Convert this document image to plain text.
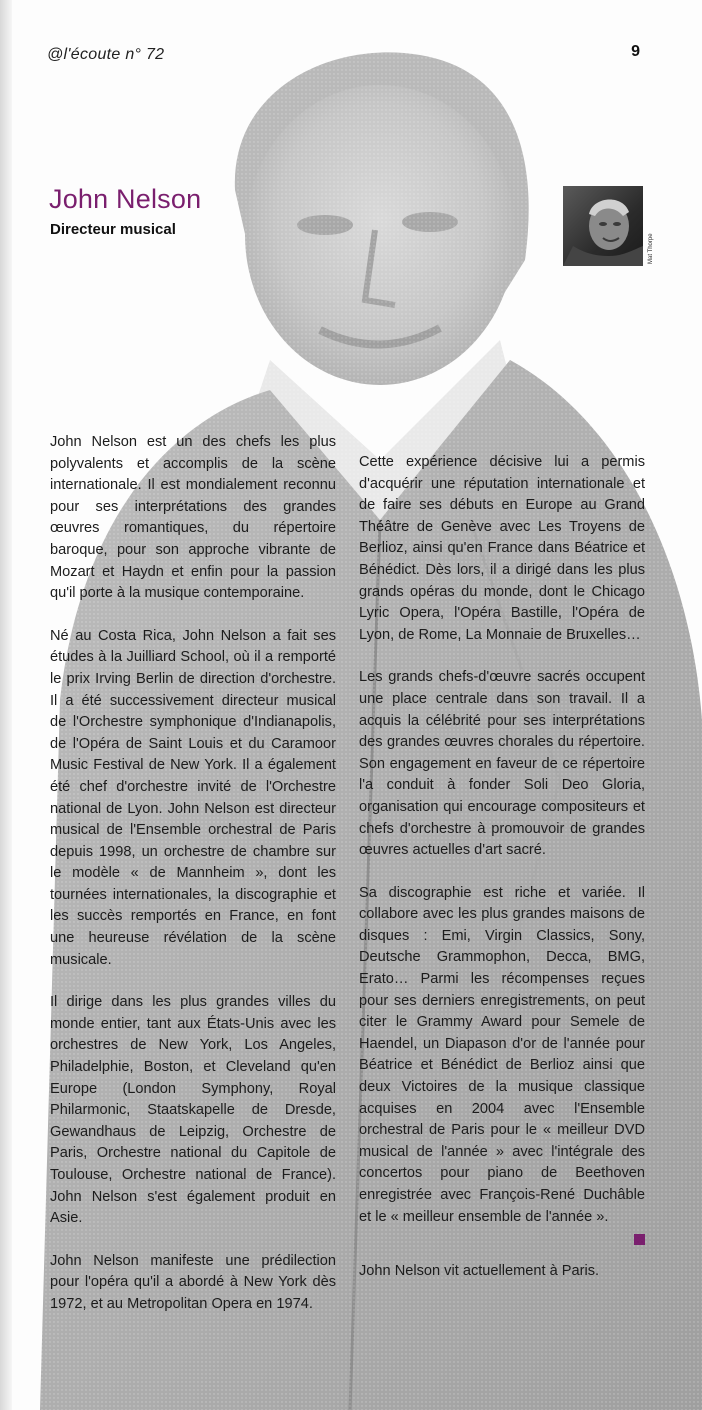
@l'écoute n° 72	9
John Nelson
Directeur musical
Mat Thorpe

John Nelson est un des chefs les plus polyvalents et accomplis de la scène internationale. Il est mondialement reconnu pour ses interprétations des grandes œuvres romantiques, du répertoire baroque, pour son approche vibrante de Mozart et Haydn et enfin pour la passion qu'il porte à la musique contemporaine.

Né au Costa Rica, John Nelson a fait ses études à la Juilliard School, où il a remporté le prix Irving Berlin de direction d'orchestre. Il a été successivement directeur musical de l'Orchestre symphonique d'Indianapolis, de l'Opéra de Saint Louis et du Caramoor Music Festival de New York. Il a également été chef d'orchestre invité de l'Orchestre national de Lyon. John Nelson est directeur musical de l'Ensemble orchestral de Paris depuis 1998, un orchestre de chambre sur le modèle « de Mannheim », dont les tournées internationales, la discographie et les succès remportés en France, en font une heureuse révélation de la scène musicale.

Il dirige dans les plus grandes villes du monde entier, tant aux États-Unis avec les orchestres de New York, Los Angeles, Philadelphie, Boston, et Cleveland qu'en Europe (London Symphony, Royal Philarmonic, Staatskapelle de Dresde, Gewandhaus de Leipzig, Orchestre de Paris, Orchestre national du Capitole de Toulouse, Orchestre national de France). John Nelson s'est également produit en Asie.

John Nelson manifeste une prédilection pour l'opéra qu'il a abordé à New York dès 1972, et au Metropolitan Opera en 1974.

Cette expérience décisive lui a permis d'acquérir une réputation internationale et de faire ses débuts en Europe au Grand Théâtre de Genève avec Les Troyens de Berlioz, ainsi qu'en France dans Béatrice et Bénédict. Dès lors, il a dirigé dans les plus grands opéras du monde, dont le Chicago Lyric Opera, l'Opéra Bastille, l'Opéra de Lyon, de Rome, La Monnaie de Bruxelles…

Les grands chefs-d'œuvre sacrés occupent une place centrale dans son travail. Il a acquis la célébrité pour ses interprétations des grandes œuvres chorales du répertoire. Son engagement en faveur de ce répertoire l'a conduit à fonder Soli Deo Gloria, organisation qui encourage compositeurs et chefs d'orchestre à promouvoir de grandes œuvres actuelles d'art sacré.

Sa discographie est riche et variée. Il collabore avec les plus grandes maisons de disques : Emi, Virgin Classics, Sony, Deutsche Grammophon, Decca, BMG, Erato… Parmi les récompenses reçues pour ses derniers enregistrements, on peut citer le Grammy Award pour Semele de Haendel, un Diapason d'or de l'année pour Béatrice et Bénédict de Berlioz ainsi que deux Victoires de la musique classique acquises en 2004 avec l'Ensemble orchestral de Paris pour le « meilleur DVD musical de l'année » avec l'intégrale des concertos pour piano de Beethoven enregistrée avec François-René Duchâble et le « meilleur ensemble de l'année ».

John Nelson vit actuellement à Paris.
